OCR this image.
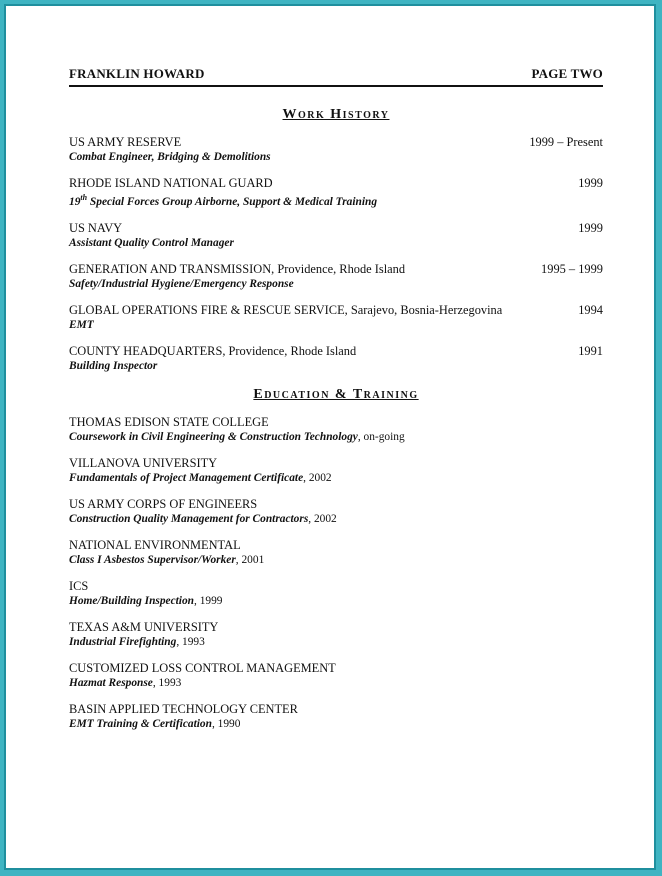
FRANKLIN HOWARD	PAGE TWO
Work History
US ARMY RESERVE	1999 – Present
Combat Engineer, Bridging & Demolitions
RHODE ISLAND NATIONAL GUARD	1999
19th Special Forces Group Airborne, Support & Medical Training
US NAVY	1999
Assistant Quality Control Manager
GENERATION AND TRANSMISSION, Providence, Rhode Island	1995 – 1999
Safety/Industrial Hygiene/Emergency Response
GLOBAL OPERATIONS FIRE & RESCUE SERVICE, Sarajevo, Bosnia-Herzegovina	1994
EMT
COUNTY HEADQUARTERS, Providence, Rhode Island	1991
Building Inspector
Education & Training
THOMAS EDISON STATE COLLEGE
Coursework in Civil Engineering & Construction Technology, on-going
VILLANOVA UNIVERSITY
Fundamentals of Project Management Certificate, 2002
US ARMY CORPS OF ENGINEERS
Construction Quality Management for Contractors, 2002
NATIONAL ENVIRONMENTAL
Class I Asbestos Supervisor/Worker, 2001
ICS
Home/Building Inspection, 1999
TEXAS A&M UNIVERSITY
Industrial Firefighting, 1993
CUSTOMIZED LOSS CONTROL MANAGEMENT
Hazmat Response, 1993
BASIN APPLIED TECHNOLOGY CENTER
EMT Training & Certification, 1990
